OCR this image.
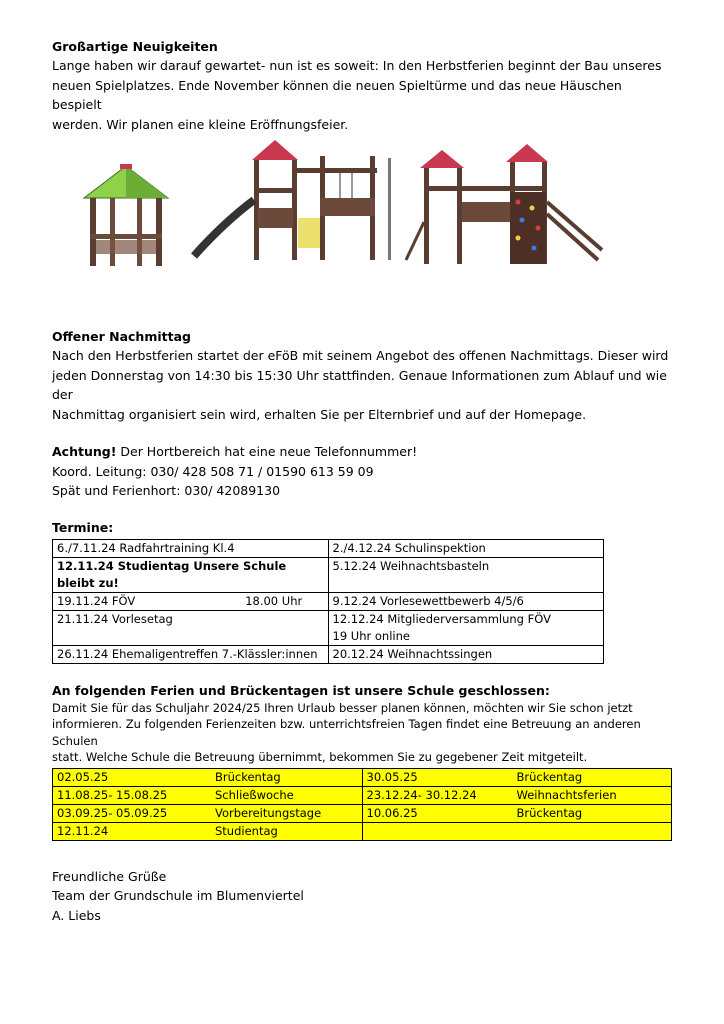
Großartige Neuigkeiten

Lange haben wir darauf gewartet- nun ist es soweit: In den Herbstferien beginnt der Bau unseres

neuen Spielplatzes. Ende November können die neuen Spieltürme und das neue Häuschen bespielt

werden. Wir planen eine kleine Eröffnungsfeier.

Offener Nachmittag

Nach den Herbstferien startet der eFöB mit seinem Angebot des offenen Nachmittags. Dieser wird

jeden Donnerstag von 14:30 bis 15:30 Uhr stattfinden. Genaue Informationen zum Ablauf und wie der

Nachmittag organisiert sein wird, erhalten Sie per Elternbrief und auf der Homepage.

Achtung! Der Hortbereich hat eine neue Telefonnummer!

Koord. Leitung: 030/ 428 508 71 / 01590 613 59 09

Spät und Ferienhort: 030/ 42089130

Termine:

6./7.11.24 Radfahrtraining Kl.4	2./4.12.24 Schulinspektion
12.11.24 Studientag Unsere Schule bleibt zu!	5.12.24 Weihnachtsbasteln
19.11.24 FÖV 18.00 Uhr	9.12.24 Vorlesewettbewerb 4/5/6
21.11.24 Vorlesetag	12.12.24 Mitgliederversammlung FÖV
19 Uhr online

26.11.24 Ehemaligentreffen 7.-Klässler:innen	20.12.24 Weihnachtssingen

An folgenden Ferien und Brückentagen ist unsere Schule geschlossen:

Damit Sie für das Schuljahr 2024/25 Ihren Urlaub besser planen können, möchten wir Sie schon jetzt

informieren. Zu folgenden Ferienzeiten bzw. unterrichtsfreien Tagen findet eine Betreuung an anderen Schulen

statt. Welche Schule die Betreuung übernimmt, bekommen Sie zu gegebener Zeit mitgeteilt.

02.05.25 Brückentag	30.05.25 Brückentag
11.08.25- 15.08.25 Schließwoche	23.12.24- 30.12.24 Weihnachtsferien
03.09.25- 05.09.25 Vorbereitungstage	10.06.25 Brückentag
12.11.24 Studientag	

Freundliche Grüße

Team der Grundschule im Blumenviertel

A. Liebs
